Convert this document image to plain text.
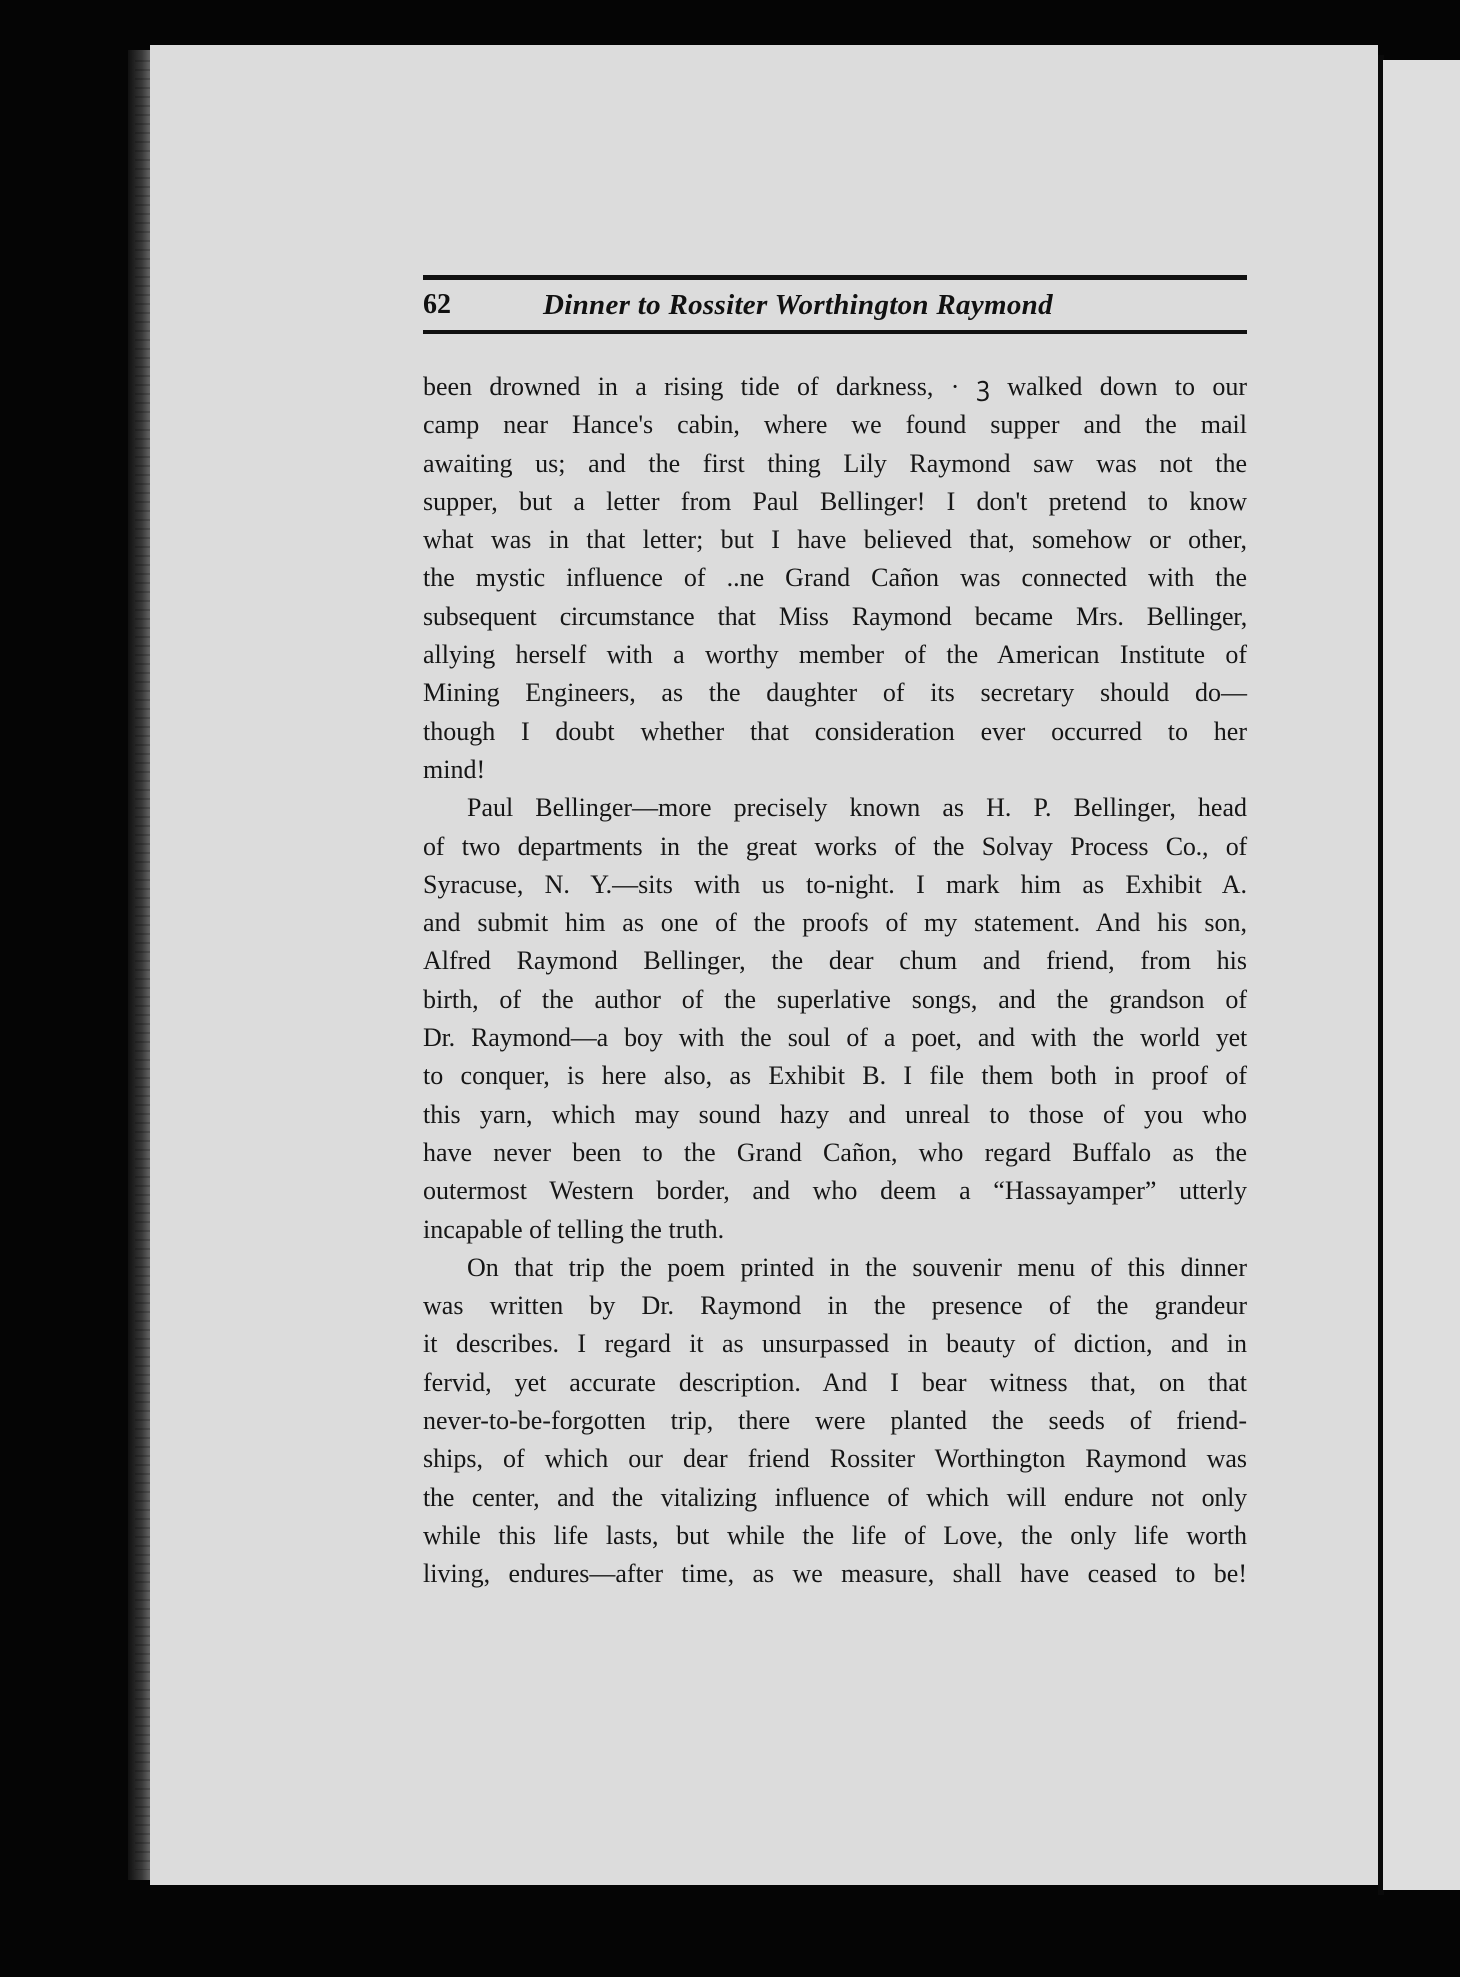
62	Dinner to Rossiter Worthington Raymond
been drowned in a rising tide of darkness, · ꝫ walked down to our
camp near Hance's cabin, where we found supper and the mail
awaiting us; and the first thing Lily Raymond saw was not the
supper, but a letter from Paul Bellinger! I don't pretend to know
what was in that letter; but I have believed that, somehow or other,
the mystic influence of ..ne Grand Cañon was connected with the
subsequent circumstance that Miss Raymond became Mrs. Bellinger,
allying herself with a worthy member of the American Institute of
Mining Engineers, as the daughter of its secretary should do—
though I doubt whether that consideration ever occurred to her
mind!
Paul Bellinger—more precisely known as H. P. Bellinger, head
of two departments in the great works of the Solvay Process Co., of
Syracuse, N. Y.—sits with us to-night. I mark him as Exhibit A.
and submit him as one of the proofs of my statement. And his son,
Alfred Raymond Bellinger, the dear chum and friend, from his
birth, of the author of the superlative songs, and the grandson of
Dr. Raymond—a boy with the soul of a poet, and with the world yet
to conquer, is here also, as Exhibit B. I file them both in proof of
this yarn, which may sound hazy and unreal to those of you who
have never been to the Grand Cañon, who regard Buffalo as the
outermost Western border, and who deem a “Hassayamper” utterly
incapable of telling the truth.
On that trip the poem printed in the souvenir menu of this dinner
was written by Dr. Raymond in the presence of the grandeur
it describes. I regard it as unsurpassed in beauty of diction, and in
fervid, yet accurate description. And I bear witness that, on that
never-to-be-forgotten trip, there were planted the seeds of friend-
ships, of which our dear friend Rossiter Worthington Raymond was
the center, and the vitalizing influence of which will endure not only
while this life lasts, but while the life of Love, the only life worth
living, endures—after time, as we measure, shall have ceased to be!
